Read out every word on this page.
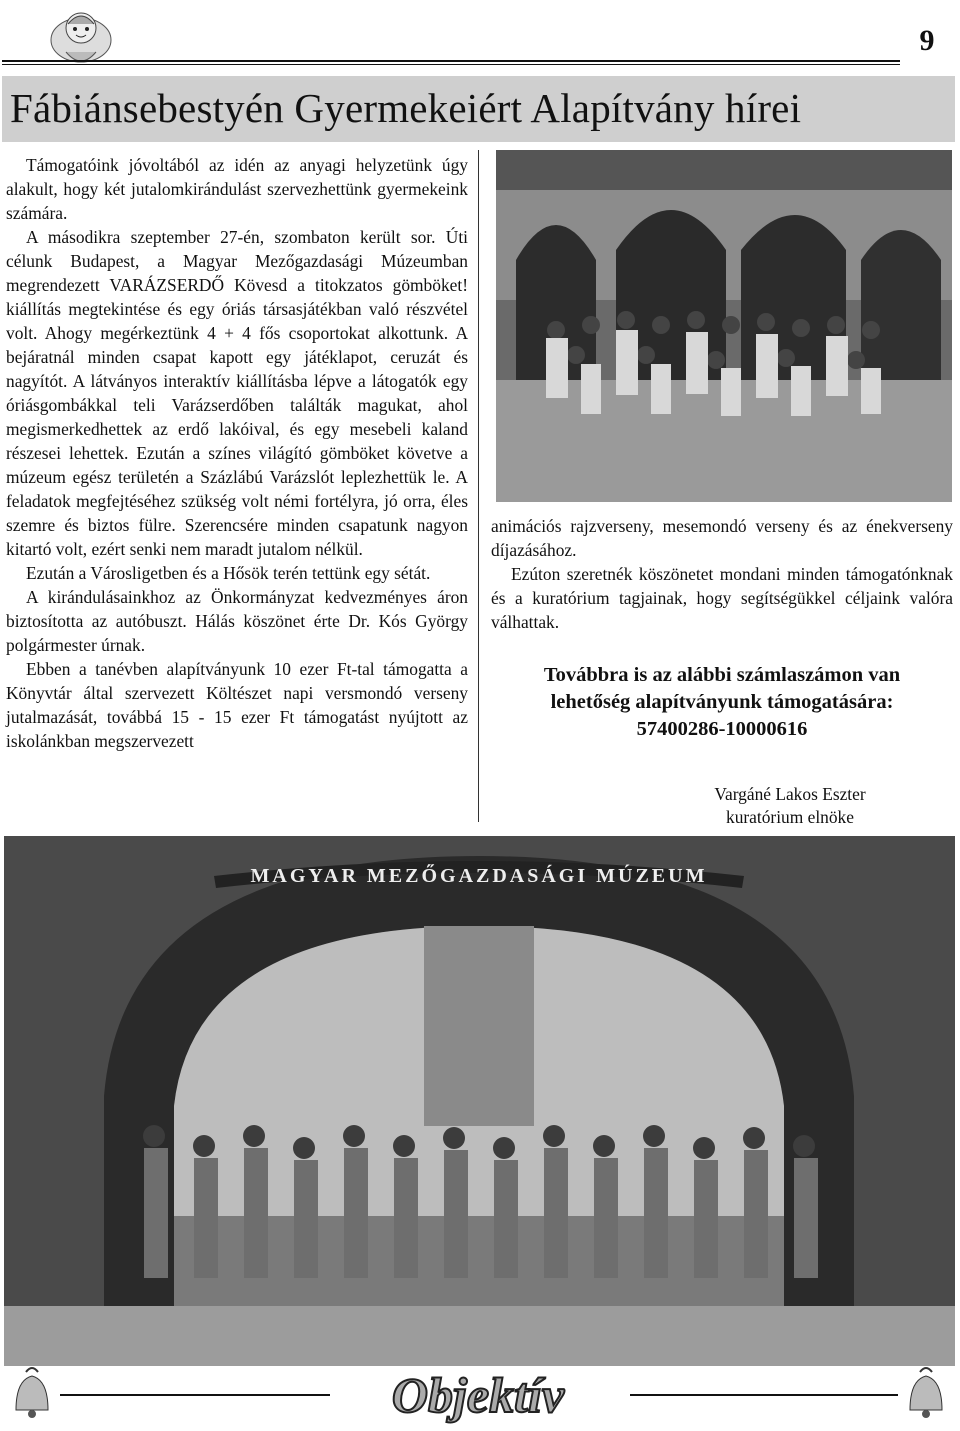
9
Fábiánsebestyén Gyermekeiért Alapítvány hírei

Támogatóink jóvoltából az idén az anyagi helyzetünk úgy alakult, hogy két jutalomkirándulást szervezhettünk gyermekeink számára.

A másodikra szeptember 27-én, szombaton került sor. Úti célunk Budapest, a Magyar Mezőgazdasági Múzeumban megrendezett VARÁZSERDŐ Kövesd a titokzatos gömböket! kiállítás megtekintése és egy óriás társasjátékban való részvétel volt. Ahogy megérkeztünk 4 + 4 fős csoportokat alkottunk. A bejáratnál minden csapat kapott egy játéklapot, ceruzát és nagyítót. A látványos interaktív kiállításba lépve a látogatók egy óriásgombákkal teli Varázserdőben találták magukat, ahol megismerkedhettek az erdő lakóival, és egy mesebeli kaland részesei lehettek. Ezután a színes világító gömböket követve a múzeum egész területén a Százlábú Varázslót leplezhettük le. A feladatok megfejtéséhez szükség volt némi fortélyra, jó orra, éles szemre és biztos fülre. Szerencsére minden csapatunk nagyon kitartó volt, ezért senki nem maradt jutalom nélkül.

Ezután a Városligetben és a Hősök terén tettünk egy sétát.

A kirándulásainkhoz az Önkormányzat kedvezményes áron biztosította az autóbuszt. Hálás köszönet érte Dr. Kós György polgármester úrnak.

Ebben a tanévben alapítványunk 10 ezer Ft-tal támogatta a Könyvtár által szervezett Költészet napi versmondó verseny jutalmazását, továbbá 15 - 15 ezer Ft támogatást nyújtott az iskolánkban megszervezett

animációs rajzverseny, mesemondó verseny és az énekverseny díjazásához.

Ezúton szeretnék köszönetet mondani minden támogatónknak és a kuratórium tagjainak, hogy segítségükkel céljaink valóra válhattak.

Továbbra is az alábbi számlaszámon van
lehetőség alapítványunk támogatására:
57400286-10000616
Vargáné Lakos Eszter
kuratórium elnöke
MAGYAR MEZŐGAZDASÁGI MÚZEUM
Objektív
